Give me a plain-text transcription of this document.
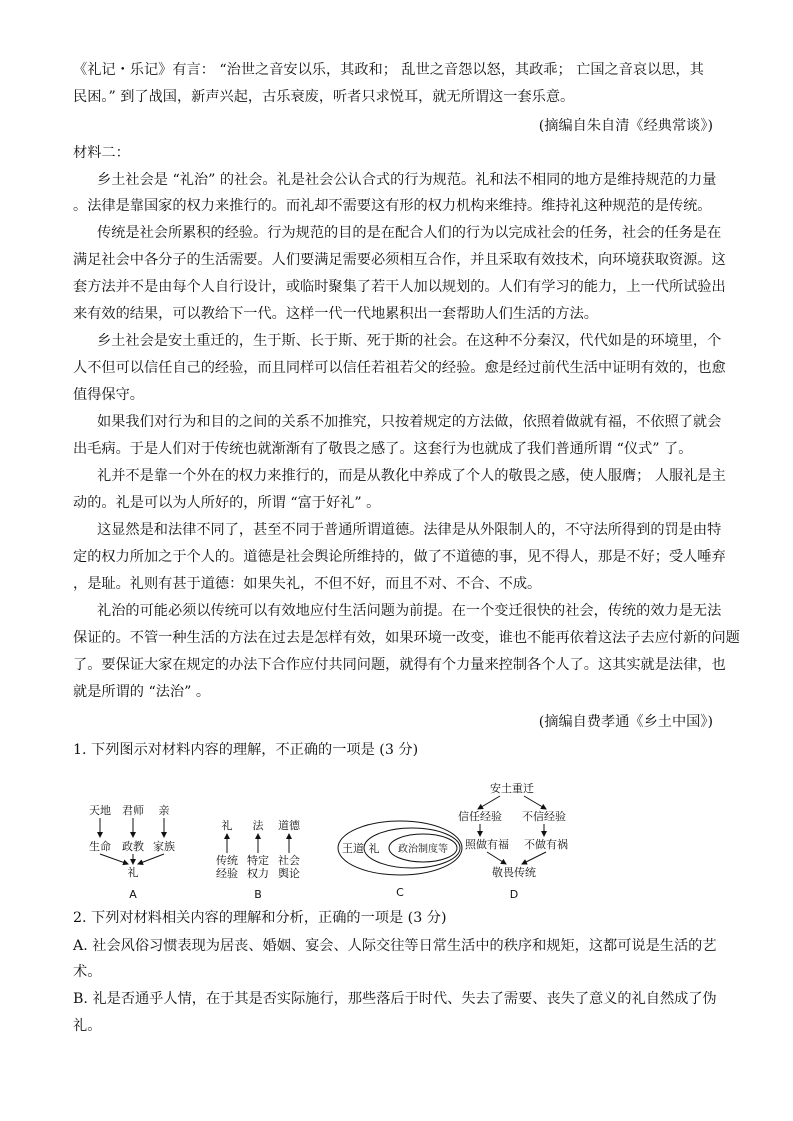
《礼记・乐记》有言： “治世之音安以乐，其政和； 乱世之音怨以怒，其政乖； 亡国之音哀以思，其
民困。” 到了战国，新声兴起，古乐衰废，听者只求悦耳，就无所谓这一套乐意。
(摘编自朱自清《经典常谈》)
材料二：
乡土社会是 “礼治” 的社会。礼是社会公认合式的行为规范。礼和法不相同的地方是维持规范的力量
。法律是靠国家的权力来推行的。而礼却不需要这有形的权力机构来维持。维持礼这种规范的是传统。
传统是社会所累积的经验。行为规范的目的是在配合人们的行为以完成社会的任务，社会的任务是在
满足社会中各分子的生活需要。人们要满足需要必须相互合作，并且采取有效技术，向环境获取资源。这
套方法并不是由每个人自行设计，或临时聚集了若干人加以规划的。人们有学习的能力，上一代所试验出
来有效的结果，可以教给下一代。这样一代一代地累积出一套帮助人们生活的方法。
乡土社会是安土重迁的，生于斯、长于斯、死于斯的社会。在这种不分秦汉，代代如是的环境里，个
人不但可以信任自己的经验，而且同样可以信任若祖若父的经验。愈是经过前代生活中证明有效的，也愈
值得保守。
如果我们对行为和目的之间的关系不加推究，只按着规定的方法做，依照着做就有福，不依照了就会
出毛病。于是人们对于传统也就渐渐有了敬畏之感了。这套行为也就成了我们普通所谓 “仪式” 了。
礼并不是靠一个外在的权力来推行的，而是从教化中养成了个人的敬畏之感，使人服膺； 人服礼是主
动的。礼是可以为人所好的，所谓 “富于好礼” 。
这显然是和法律不同了，甚至不同于普通所谓道德。法律是从外限制人的，不守法所得到的罚是由特
定的权力所加之于个人的。道德是社会舆论所维持的，做了不道德的事，见不得人，那是不好；受人唾弃
，是耻。礼则有甚于道德：如果失礼，不但不好，而且不对、不合、不成。
礼治的可能必须以传统可以有效地应付生活问题为前提。在一个变迁很快的社会，传统的效力是无法
保证的。不管一种生活的方法在过去是怎样有效，如果环境一改变，谁也不能再依着这法子去应付新的问题
了。要保证大家在规定的办法下合作应付共同问题，就得有个力量来控制各个人了。这其实就是法律，也
就是所谓的 “法治” 。
(摘编自费孝通《乡土中国》)
1. 下列图示对材料内容的理解，不正确的一项是 (3 分)
天地 君师 亲
生命 政教 家族
礼
A
礼 法 道德
传统
经验
特定
权力
社会
舆论
B
王道 礼 政治制度等
C
安土重迁
信任经验 不信经验
照做有福 不做有祸
敬畏传统
D
2. 下列对材料相关内容的理解和分析，正确的一项是 (3 分)
A. 社会风俗习惯表现为居丧、婚姻、宴会、人际交往等日常生活中的秩序和规矩，这都可说是生活的艺
术。
B. 礼是否通乎人情，在于其是否实际施行，那些落后于时代、失去了需要、丧失了意义的礼自然成了伪
礼。
